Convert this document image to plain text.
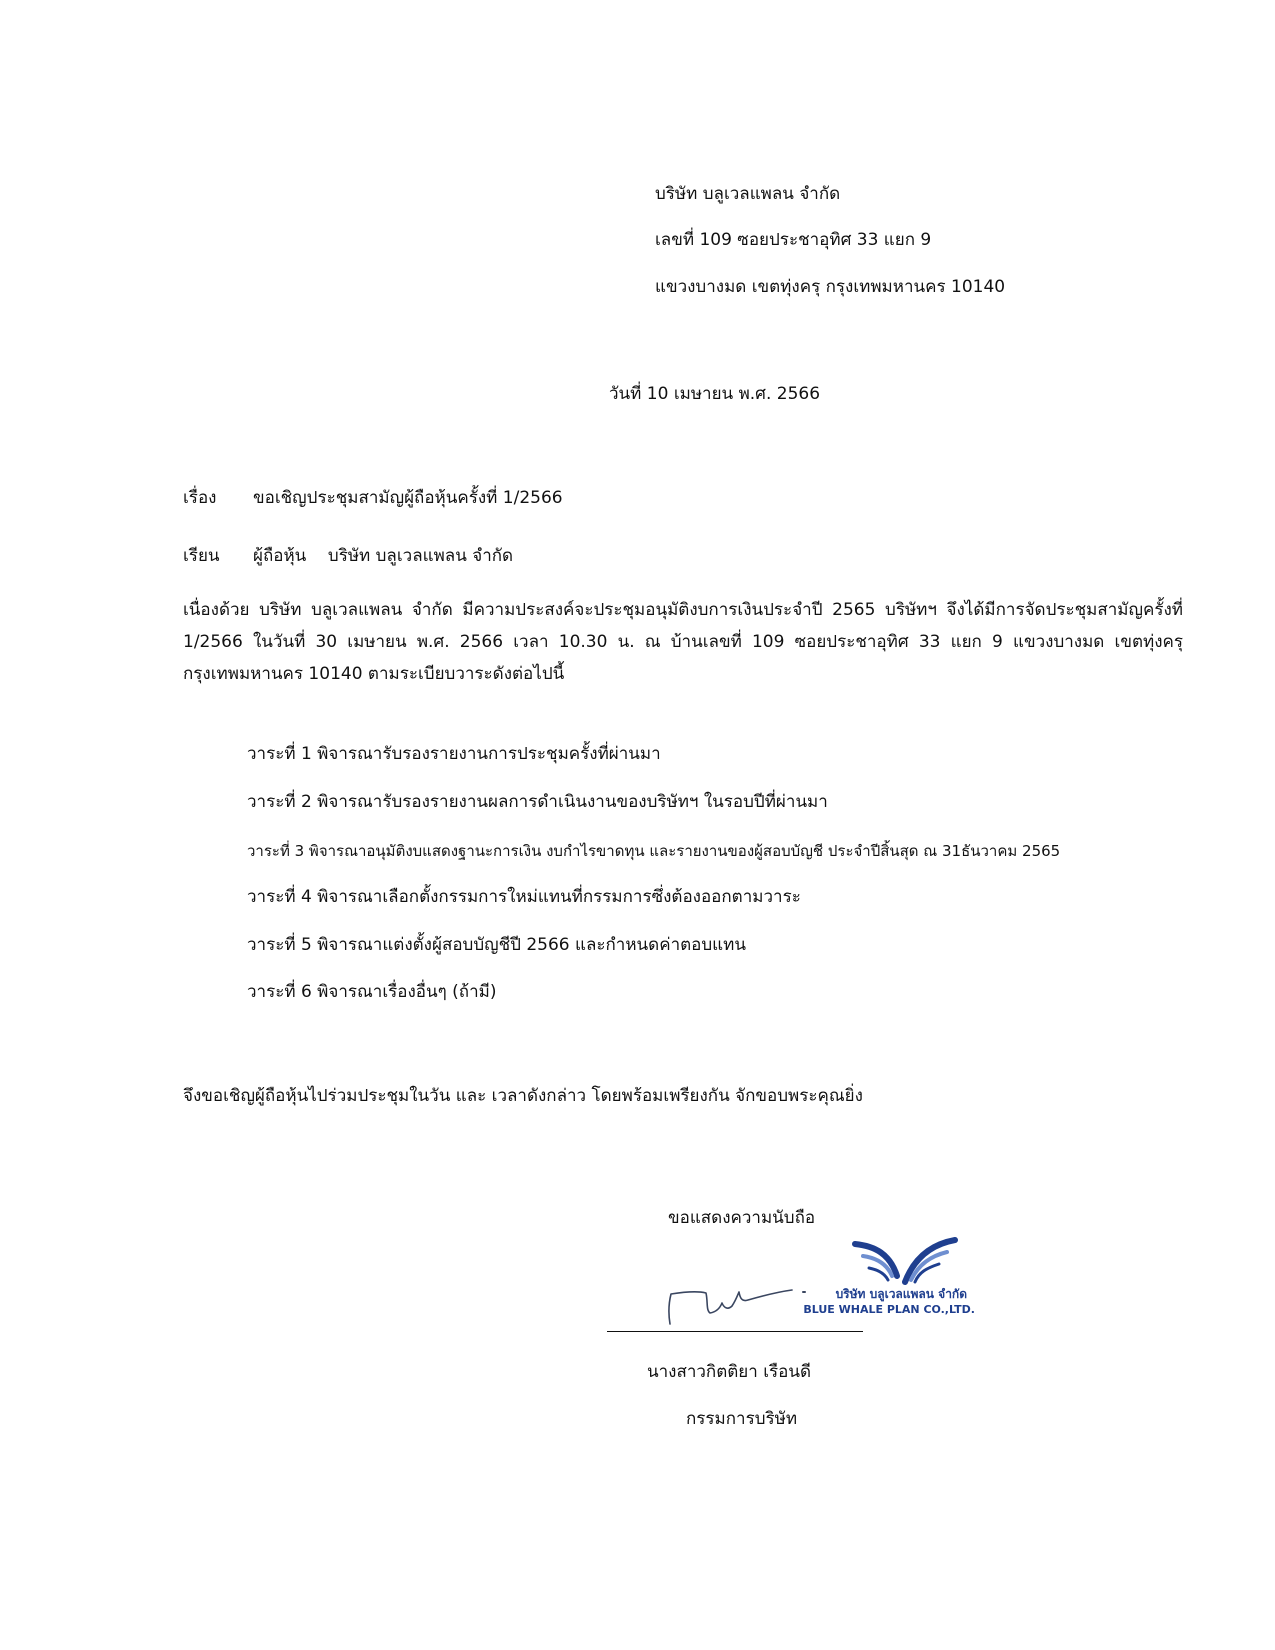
บริษัท บลูเวลแพลน จำกัด

เลขที่ 109 ซอยประชาอุทิศ 33 แยก 9

แขวงบางมด เขตทุ่งครุ กรุงเทพมหานคร 10140

วันที่ 10 เมษายน พ.ศ. 2566

เรื่อง ขอเชิญประชุมสามัญผู้ถือหุ้นครั้งที่ 1/2566

เรียน ผู้ถือหุ้น    บริษัท บลูเวลแพลน จำกัด

เนื่องด้วย บริษัท บลูเวลแพลน จำกัด มีความประสงค์จะประชุมอนุมัติงบการเงินประจำปี 2565 บริษัทฯ จึงได้มีการจัดประชุมสามัญครั้งที่ 1/2566 ในวันที่ 30 เมษายน พ.ศ. 2566 เวลา 10.30 น. ณ บ้านเลขที่ 109 ซอยประชาอุทิศ 33 แยก 9 แขวงบางมด เขตทุ่งครุ กรุงเทพมหานคร 10140 ตามระเบียบวาระดังต่อไปนี้

วาระที่ 1 พิจารณารับรองรายงานการประชุมครั้งที่ผ่านมา

วาระที่ 2 พิจารณารับรองรายงานผลการดำเนินงานของบริษัทฯ ในรอบปีที่ผ่านมา

วาระที่ 3 พิจารณาอนุมัติงบแสดงฐานะการเงิน งบกำไรขาดทุน และรายงานของผู้สอบบัญชี ประจำปีสิ้นสุด ณ 31ธันวาคม 2565

วาระที่ 4 พิจารณาเลือกตั้งกรรมการใหม่แทนที่กรรมการซึ่งต้องออกตามวาระ

วาระที่ 5 พิจารณาแต่งตั้งผู้สอบบัญชีปี 2566 และกำหนดค่าตอบแทน

วาระที่ 6 พิจารณาเรื่องอื่นๆ (ถ้ามี)

จึงขอเชิญผู้ถือหุ้นไปร่วมประชุมในวัน และ เวลาดังกล่าว โดยพร้อมเพรียงกัน จักขอบพระคุณยิ่ง

ขอแสดงความนับถือ

บริษัท บลูเวลแพลน จำกัด
BLUE WHALE PLAN CO.,LTD.

นางสาวกิตติยา เรือนดี

กรรมการบริษัท
